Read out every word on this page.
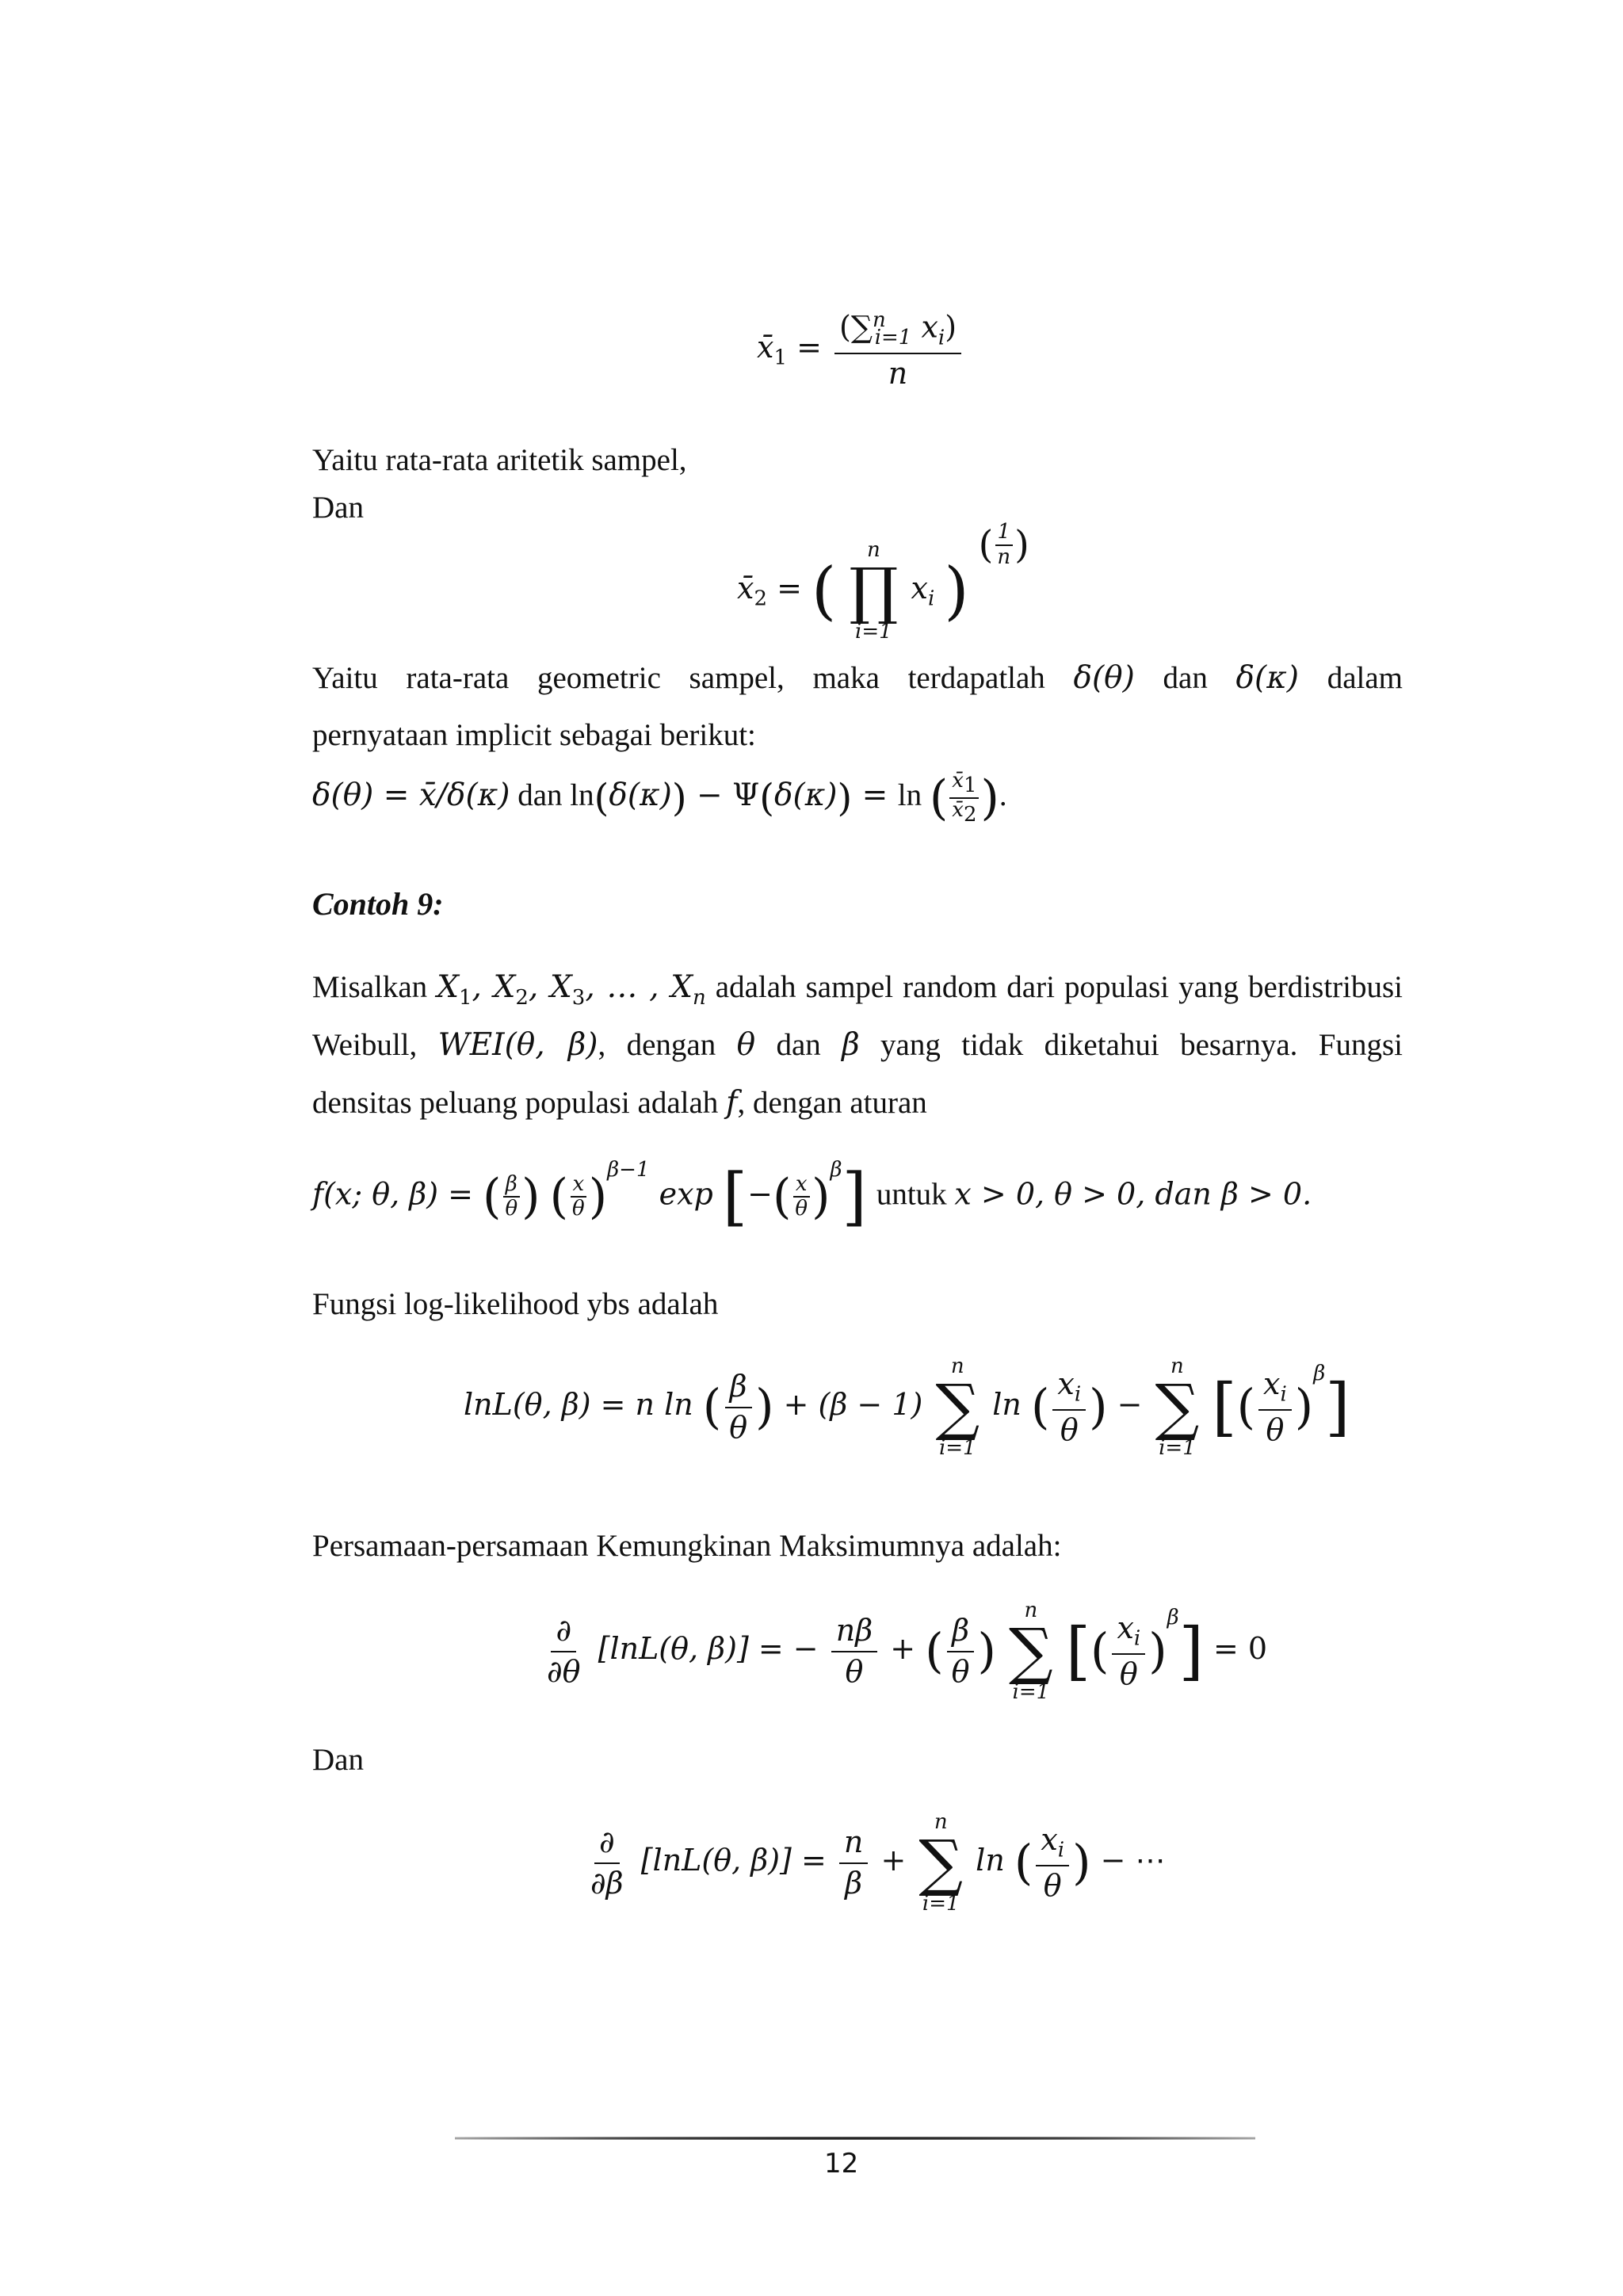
$x̄_1 = \frac{(\sum^n_{i=1} x_i)}{n}$
Yaitu rata-rata aritetik sampel,
Dan
$x̄_2$ = (
n
∏
i=1
$x_i$ ) ( $\frac{1}{n}$ )
Yaitu rata-rata geometric sampel, maka terdapatlah δ(θ) dan δ(κ) dalam
pernyataan implicit sebagai berikut:
δ(θ) = x̄/δ(κ) dan ln(δ(κ)) − Ψ(δ(κ)) = ln ( $\frac{x̄_1}{x̄_2}$ ).
Contoh 9:
Misalkan $X_1$, $X_2$, $X_3$, … , $X_n$ adalah sampel random dari populasi yang berdistribusi
Weibull, WEI(θ, β), dengan θ dan β yang tidak diketahui besarnya. Fungsi
densitas peluang populasi adalah f, dengan aturan
f(x; θ, β) = ( $\frac{\beta}{\theta}$ ) ( $\frac{x}{\theta} )^{\beta-1}$ exp [−( $\frac{x}{\theta} )^\beta$] untuk x > 0, θ > 0, dan β > 0.
Fungsi log-likelihood ybs adalah
lnL(θ, β) = n ln ( $\frac{\beta}{\theta}$ ) + (β − 1)
n
∑
i=1
ln ( $\frac{x_i}{\theta}$ ) −
n
∑
i=1
[( $\frac{x_i}{\theta} )^\beta$]
Persamaan-persamaan Kemungkinan Maksimumnya adalah:
$\frac{\partial}{\partial\theta} [\ln L(\theta$, β)] = − $\frac{n\beta}{\theta}$ + ( $\frac{\beta}{\theta}$ )
n
∑
i=1
[( $\frac{x_i}{\theta} )^\beta] = 0$
Dan
$\frac{\partial}{\partial\beta} [\ln L(\theta$, $\beta)] = \frac{n}{\beta}$ +
n
∑
i=1
ln ( $\frac{x_i}{\theta}$ ) − ⋯
12
